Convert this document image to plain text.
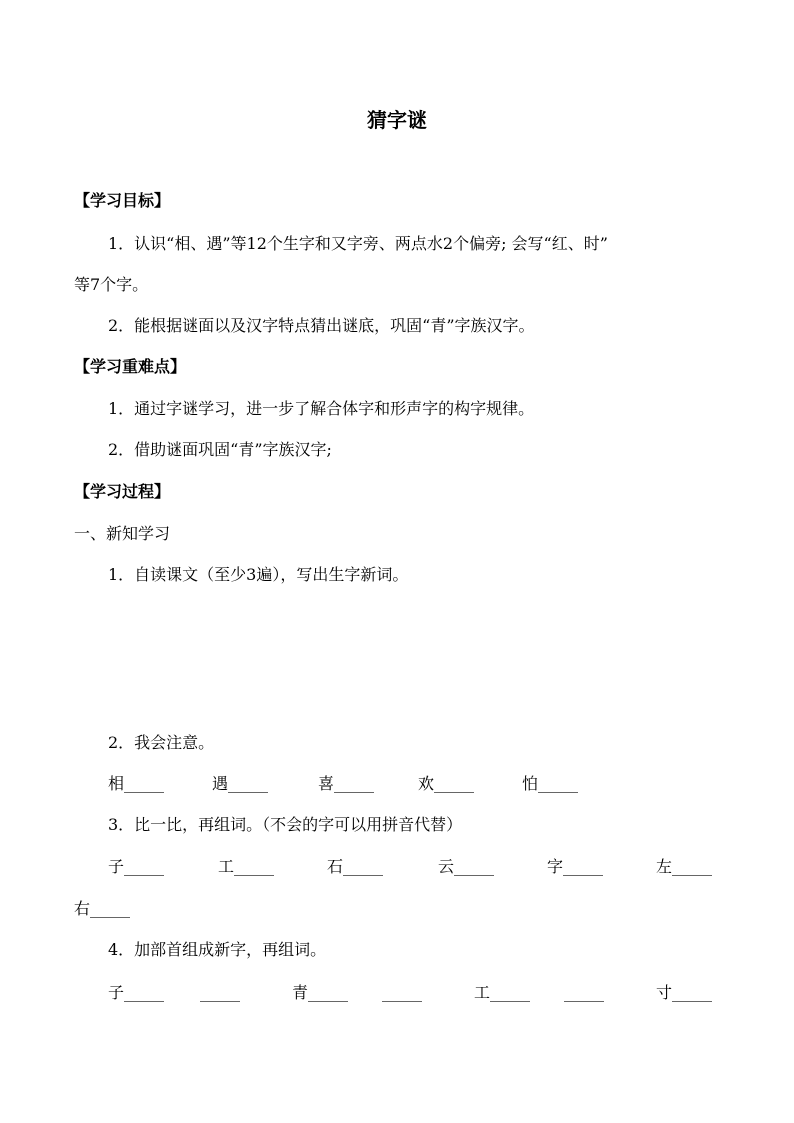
猜字谜
【学习目标】
1．认识“相、遇”等12个生字和又字旁、两点水2个偏旁; 会写“红、时”
等7个字。
2．能根据谜面以及汉字特点猜出谜底，巩固“青”字族汉字。
【学习重难点】
1．通过字谜学习，进一步了解合体字和形声字的构字规律。
2．借助谜面巩固“青”字族汉字;
【学习过程】
一、新知学习
1．自读课文（至少3遍），写出生字新词。
2．我会注意。
相_____	遇_____	喜_____	欢_____	怕_____
3．比一比，再组词。（不会的字可以用拼音代替）
子_____	工_____	石_____	云_____	字_____	左_____
右_____
4．加部首组成新字，再组词。
子_____ _____	青_____ _____	工_____ _____	寸_____
